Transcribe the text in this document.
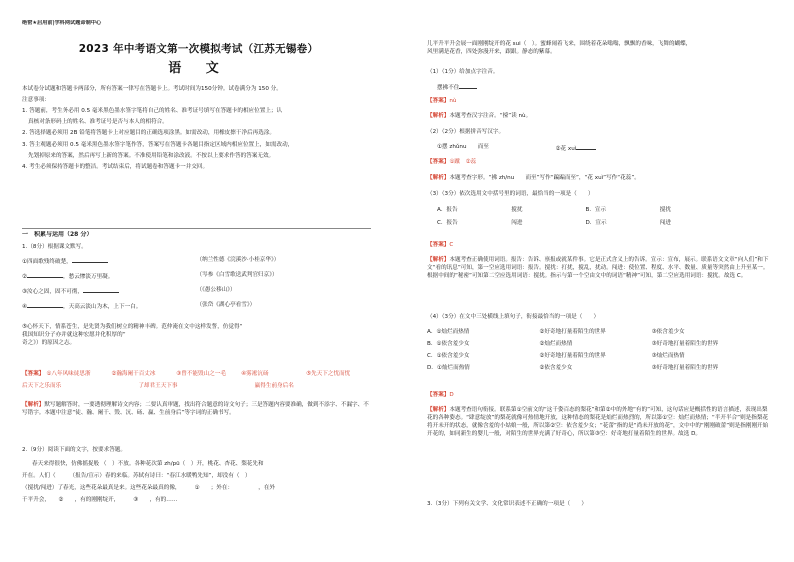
绝密★启用前|学科网试题命制中心
2023 年中考语文第一次模拟考试（江苏无锡卷）
语 文
本试卷分试题和答题卡两部分，所有答案一律写在答题卡上。考试时间为150分钟。试卷满分为 150 分。
注意事项：
1. 答题前，考生务必用 0.5 毫米黑色墨水签字笔将自己的姓名、准考证号填写在答题卡的相应位置上；认
真核对条形码上的姓名、准考证号是否与本人的相符合。
2. 答选择题必须用 2B 铅笔将答题卡上对应题目的正确选项涂黑。如需改动，用橡皮擦干净后再选涂。
3. 答主观题必须用 0.5 毫米黑色墨水签字笔作答，答案写在答题卡各题目指定区域内相应位置上，如需改动，
先划掉原来的答案，然后再写上新的答案。不准使用铅笔和涂改液。不按以上要求作答的答案无效。
4. 考生必须保持答题卡的整洁。考试结束后，将试题卷和答题卡一并交回。
一　积累与运用（28 分）
1.（8分）根据课文默写。
①四面歌残终破楚，	（纳兰性德《浣溪沙·小桂京华》）
②	，愁云惨淡万里凝。	（岑参《白雪歌送武判官归京》）
③汝心之固，固不可彻，	（《愚公移山》）
④	，天高云淡山为木，上下一白。	（张岱《湖心亭看雪》）
⑤心怀天下，情系苍生，是先贤为我们树立的精神丰碑。范仲淹在文中这样发誓，仿觉得“
我国知识分子亦并就这种宏愿并化积厚的“
奇之》）的原因之志。
【答案】 ①八年风味徒思浙	②瀚海阑干百丈冰	③曾不能毁山之一毛	④雾凇沆砀	⑤先天下之忧而忧
后天下之乐而乐	了却君王天下事	赢得生前身后名
【解析】默写题解答时，一要透彻理解诗文内容；二要认真审题，找出符合题意的诗文句子；三是答题内容要准确，做到不添字、不漏字、不写错字。本题中注意“徒、瀚、阑干、毁、沆、砀、赢、生前身后”等字词的正确书写。
2.（9分）阅读下面的文字，按要求答题。
春天来得很快，仿佛摇捉般 （　）不放。各种花次第 zh/pū（　）开，桃花、杏花、梨花先和
开在。人们（　　　（报告/宣示）春的来临。苏轼有诗曰：“春江水暖鸭先知”，却没有（　）
（搅扰/闯进）了春光，这些花朵最真是来。这些花朵最真的像，　　　①　　；外在：　　　　　，在外
千平升会，　　②　　，有的刚刚绽开，　　　③　　，有的……
儿平升平升会展一面刚刚绽开的花 sui（　）。蜜蜂闹着飞来，围绕着花朵嗡嗡，飘飘的香味，飞舞的蝴蝶，
风里满是花香，四处弥漫开来，跟跟。静态的紫幕。
（1）（1分）给加点字注音。
摆拂不住
【答案】nù
【解析】本题考查汉字注音。“擡”读 nù。
（2）（2分）根据拼音写汉字。
①摆 zhǔnu　　而至	②花 xuì
【答案】①蹴　②蕊
【解析】本题考查字形。“拂 zh/nu　　而至”写作“蹁蹁而至”，“花 xuì”写作“花蕊”。
（3）（3分）依次选用文中括号里的词语，最恰当的一项是（　　）
A．报告	搅扰	B．宣示	搅扰
C．报告	闯进	D．宣示	闯进
【答案】C
【解析】本题考查正确使用词语。报告：告诉、禀报或就某件事。它是正式含义上的告诉。宣示：宣布，展示。联系语文文章“向人们”和下文“看的讯息”可知，第一空应选用词语：报告。搅扰：打扰，搅乱，扰动。闯进：使位置、程度、水平、数量、质量等突然由上升至某一。根据中间的“秘密”可知第二空应选用词语：搅扰。指示与第一个空由文中的词语“精神”可知，第二空应选用词语：搅扰。故选 C。
（4）（3分）在文中三处横线上填句子，衔接最恰当的一项是（　　）
A．①灿烂而热情	②好奇地打量着陌生的世界	③依含羞少女
B．①依含羞少女	②灿烂而热情	③好奇地打量着陌生的世界
C．①依含羞少女	②好奇地打量着陌生的世界	③灿烂而热情
D．①灿烂而热情	②依含羞少女	③好奇地打量着陌生的世界
【答案】D
【解析】本题考查语句衔接。联系第①空前文的“这千姿百态的梨花”和第②中的外地“有的”可知，这句话应是概括性的语言描述，表现出梨花的各种姿态。“肆意绽放”的梨花就像可热情地开放，这种情态的梨花是灿烂而热烈的，所以第①空：灿烂而热情；“半开半合”则是指梨花将开未开的状态，就像含羞的小姑娘一般，所以第②空：依含羞少女；“花蕾”指的是“尚未开放的花”，文中中的“刚刚破蕾”则是指刚刚开始开花的，如同新生的婴儿一般，对陌生的世界充满了好奇心，所以第③空：好奇地打量着陌生的世界。故选 D。
3.（3分）下列有关文学、文化常识表述不正确的一项是（　　）
